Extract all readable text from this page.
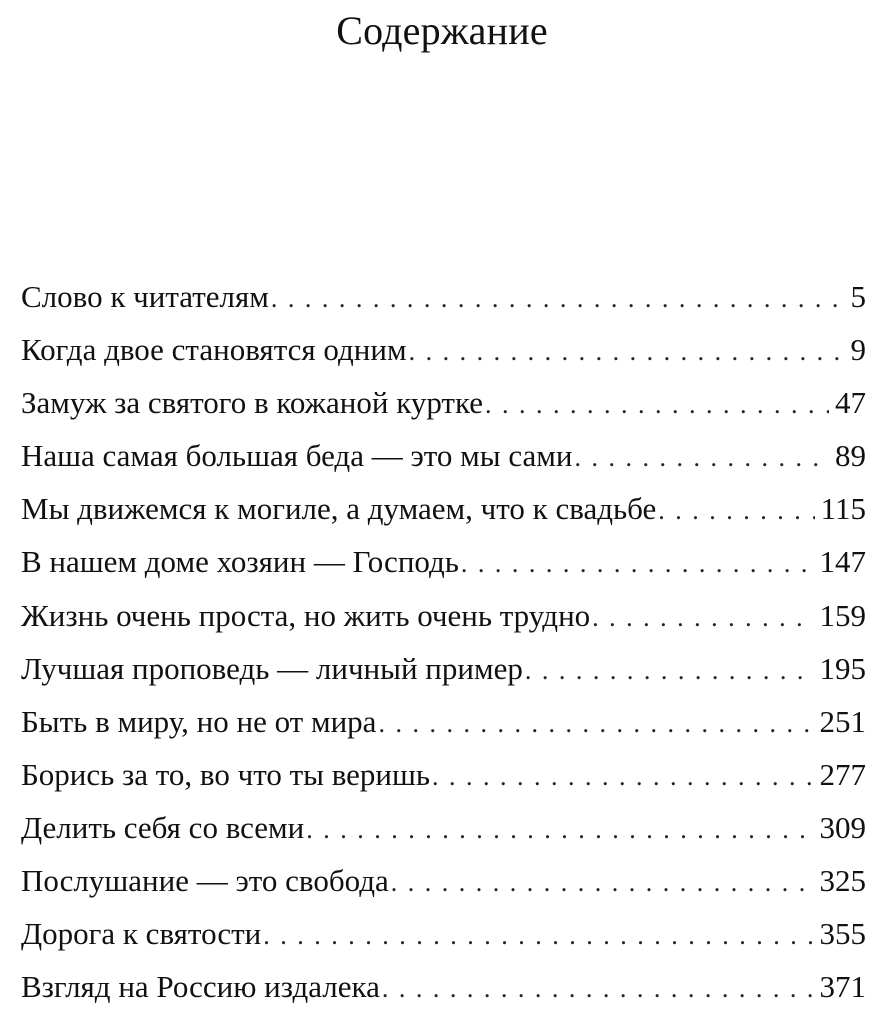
Содержание
Слово к читателям . . .	5
Когда двое становятся одним . . .	9
Замуж за святого в кожаной куртке . . .	47
Наша самая большая беда — это мы сами . . .	89
Мы движемся к могиле, а думаем, что к свадьбе . . .	115
В нашем доме хозяин — Господь . . .	147
Жизнь очень проста, но жить очень трудно . . .	159
Лучшая проповедь — личный пример . . .	195
Быть в миру, но не от мира . . .	251
Борись за то, во что ты веришь . . .	277
Делить себя со всеми . . .	309
Послушание — это свобода . . .	325
Дорога к святости . . .	355
Взгляд на Россию издалека . . .	371
